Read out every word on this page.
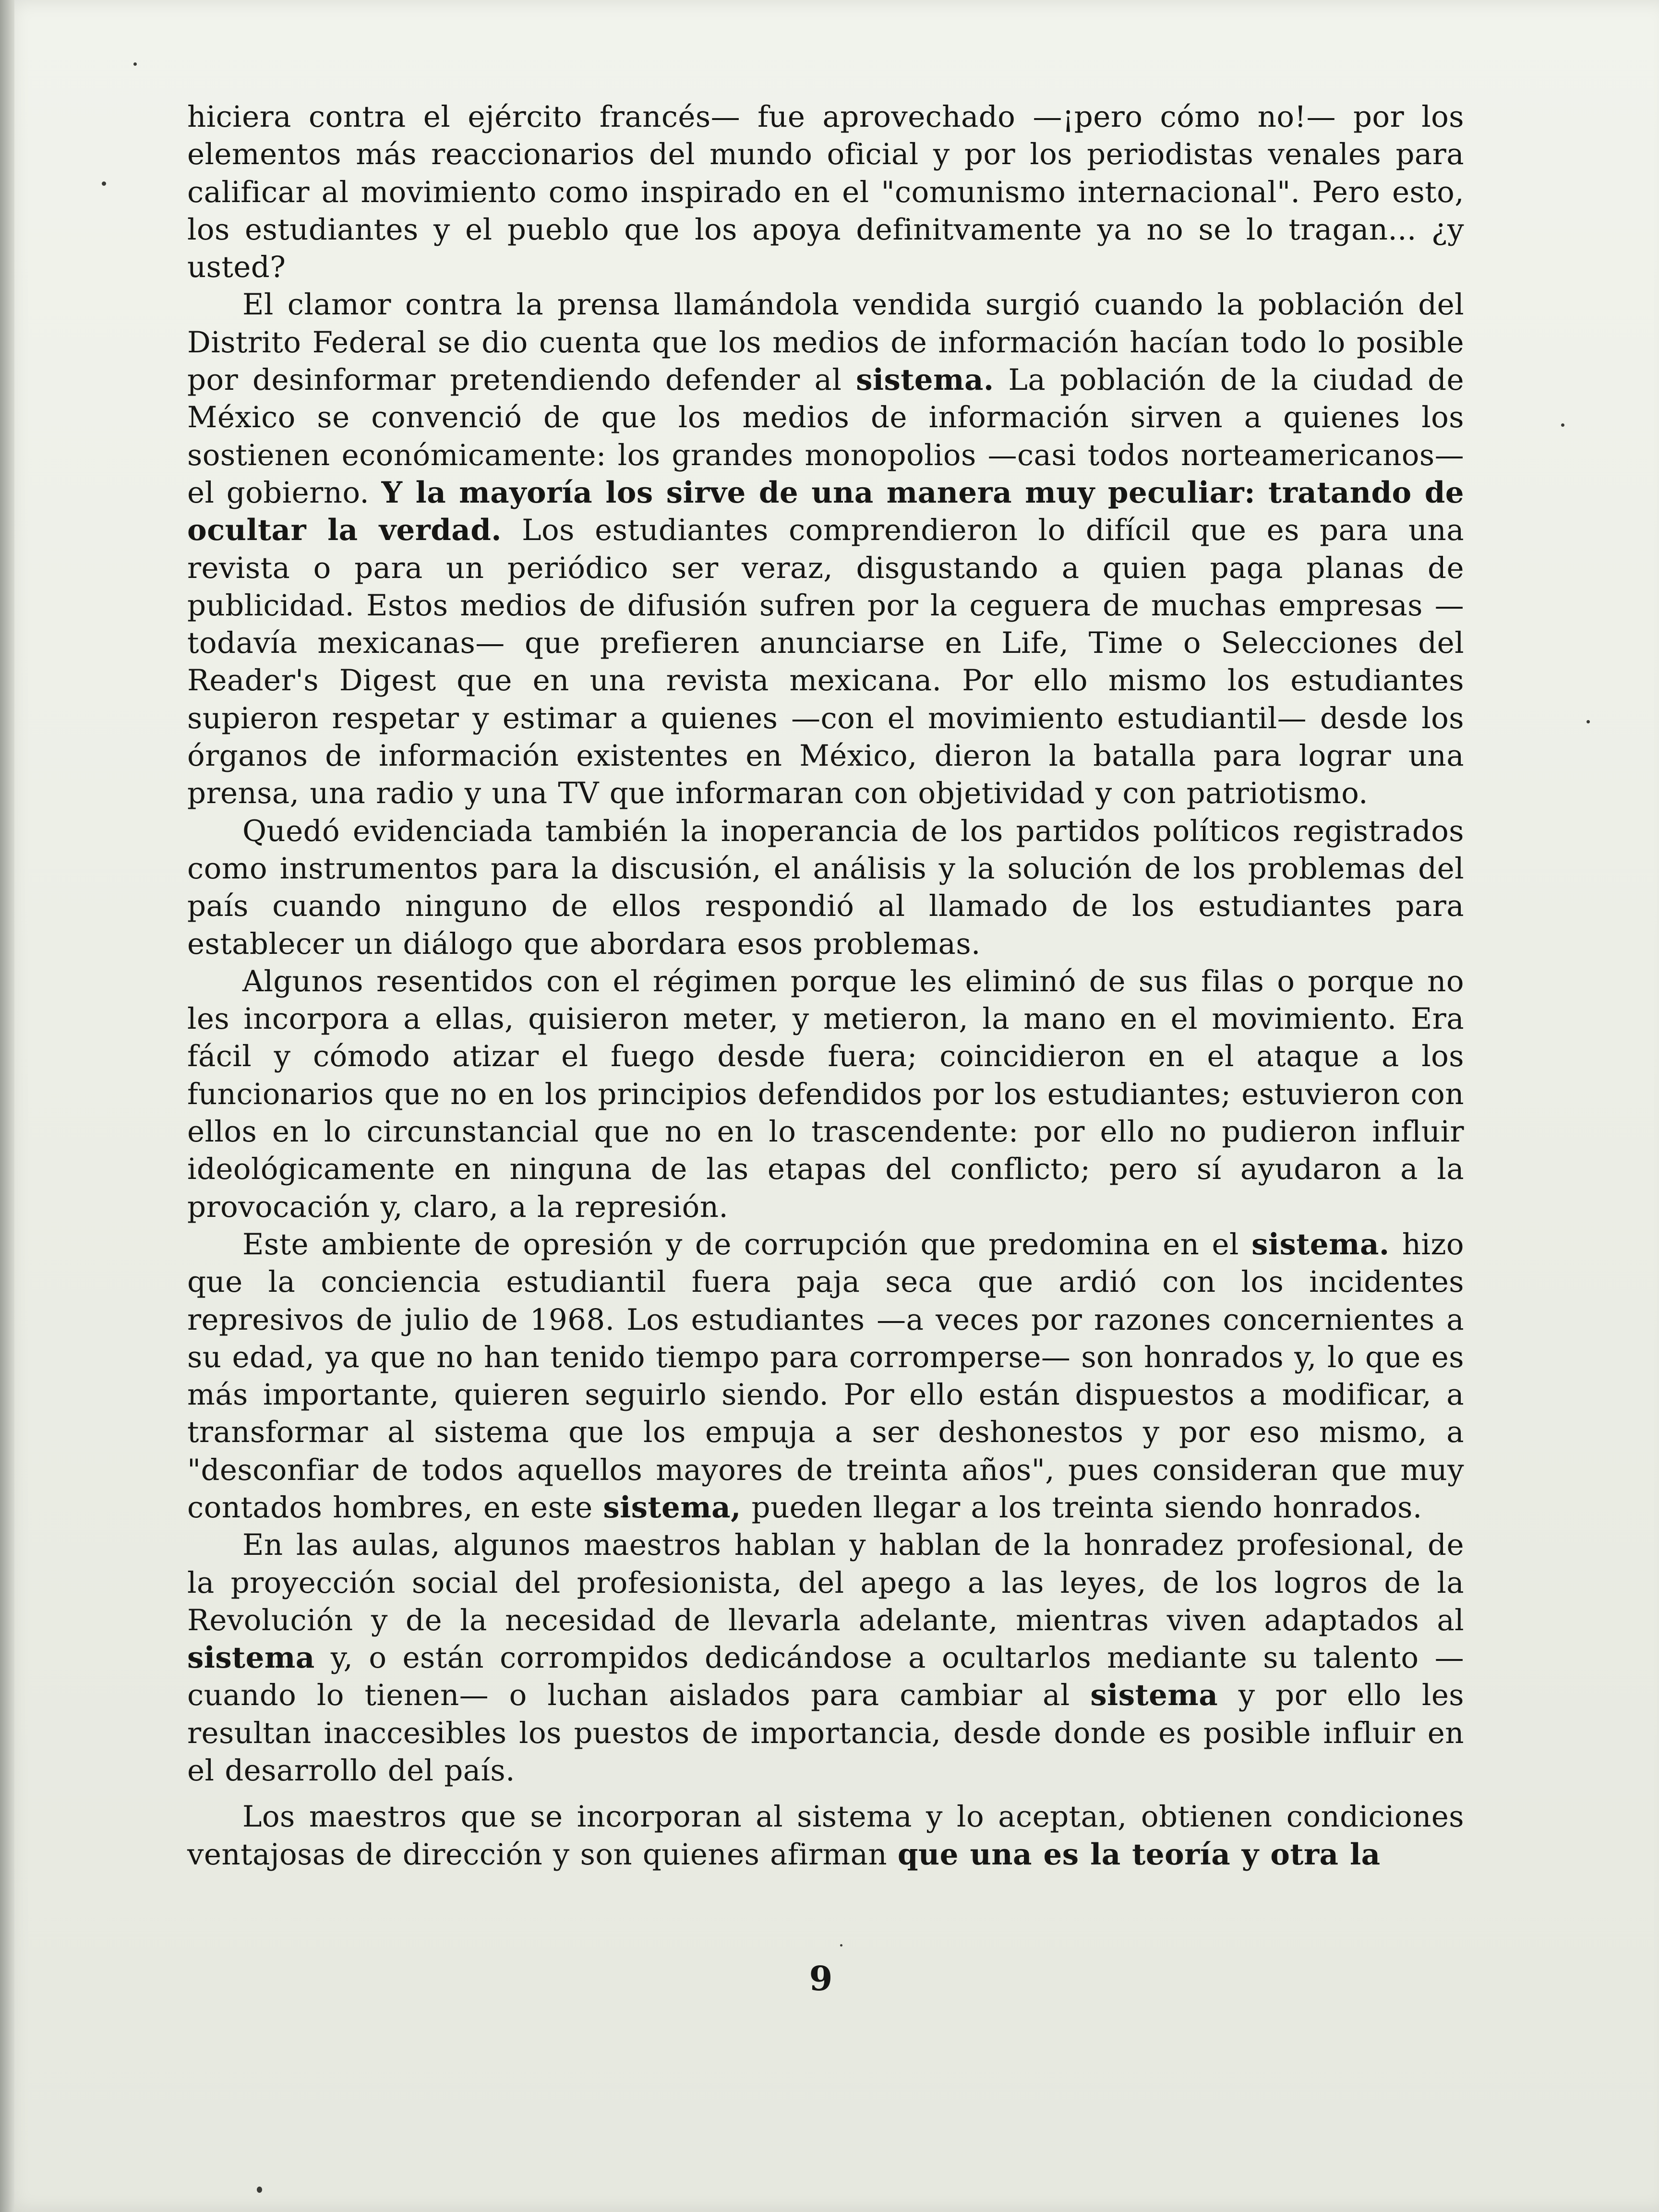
hiciera contra el ejército francés— fue aprovechado —¡pero cómo no!— por los elementos más reaccionarios del mundo oficial y por los periodistas venales para calificar al movimiento como inspirado en el "comunismo internacional". Pero esto, los estudiantes y el pueblo que los apoya definitvamente ya no se lo tragan... ¿y usted?

El clamor contra la prensa llamándola vendida surgió cuando la población del Distrito Federal se dio cuenta que los medios de información hacían todo lo posible por desinformar pretendiendo defender al sistema. La población de la ciudad de México se convenció de que los medios de información sirven a quienes los sostienen económicamente: los grandes monopolios —casi todos norteamericanos— el gobierno. Y la mayoría los sirve de una manera muy peculiar: tratando de ocultar la verdad. Los estudiantes comprendieron lo difícil que es para una revista o para un periódico ser veraz, disgustando a quien paga planas de publicidad. Estos medios de difusión sufren por la ceguera de muchas empresas —todavía mexicanas— que prefieren anunciarse en Life, Time o Selecciones del Reader's Digest que en una revista mexicana. Por ello mismo los estudiantes supieron respetar y estimar a quienes —con el movimiento estudiantil— desde los órganos de información existentes en México, dieron la batalla para lograr una prensa, una radio y una TV que informaran con objetividad y con patriotismo.

Quedó evidenciada también la inoperancia de los partidos políticos registrados como instrumentos para la discusión, el análisis y la solución de los problemas del país cuando ninguno de ellos respondió al llamado de los estudiantes para establecer un diálogo que abordara esos problemas.

Algunos resentidos con el régimen porque les eliminó de sus filas o porque no les incorpora a ellas, quisieron meter, y metieron, la mano en el movimiento. Era fácil y cómodo atizar el fuego desde fuera; coincidieron en el ataque a los funcionarios que no en los principios defendidos por los estudiantes; estuvieron con ellos en lo circunstancial que no en lo trascendente: por ello no pudieron influir ideológicamente en ninguna de las etapas del conflicto; pero sí ayudaron a la provocación y, claro, a la represión.

Este ambiente de opresión y de corrupción que predomina en el sistema. hizo que la conciencia estudiantil fuera paja seca que ardió con los incidentes represivos de julio de 1968. Los estudiantes —a veces por razones concernientes a su edad, ya que no han tenido tiempo para corromperse— son honrados y, lo que es más importante, quieren seguirlo siendo. Por ello están dispuestos a modificar, a transformar al sistema que los empuja a ser deshonestos y por eso mismo, a "desconfiar de todos aquellos mayores de treinta años", pues consideran que muy contados hombres, en este sistema, pueden llegar a los treinta siendo honrados.

En las aulas, algunos maestros hablan y hablan de la honradez profesional, de la proyección social del profesionista, del apego a las leyes, de los logros de la Revolución y de la necesidad de llevarla adelante, mientras viven adaptados al sistema y, o están corrompidos dedicándose a ocultarlos mediante su talento —cuando lo tienen— o luchan aislados para cambiar al sistema y por ello les resultan inaccesibles los puestos de importancia, desde donde es posible influir en el desarrollo del país.

Los maestros que se incorporan al sistema y lo aceptan, obtienen condiciones ventajosas de dirección y son quienes afirman que una es la teoría y otra la

9
